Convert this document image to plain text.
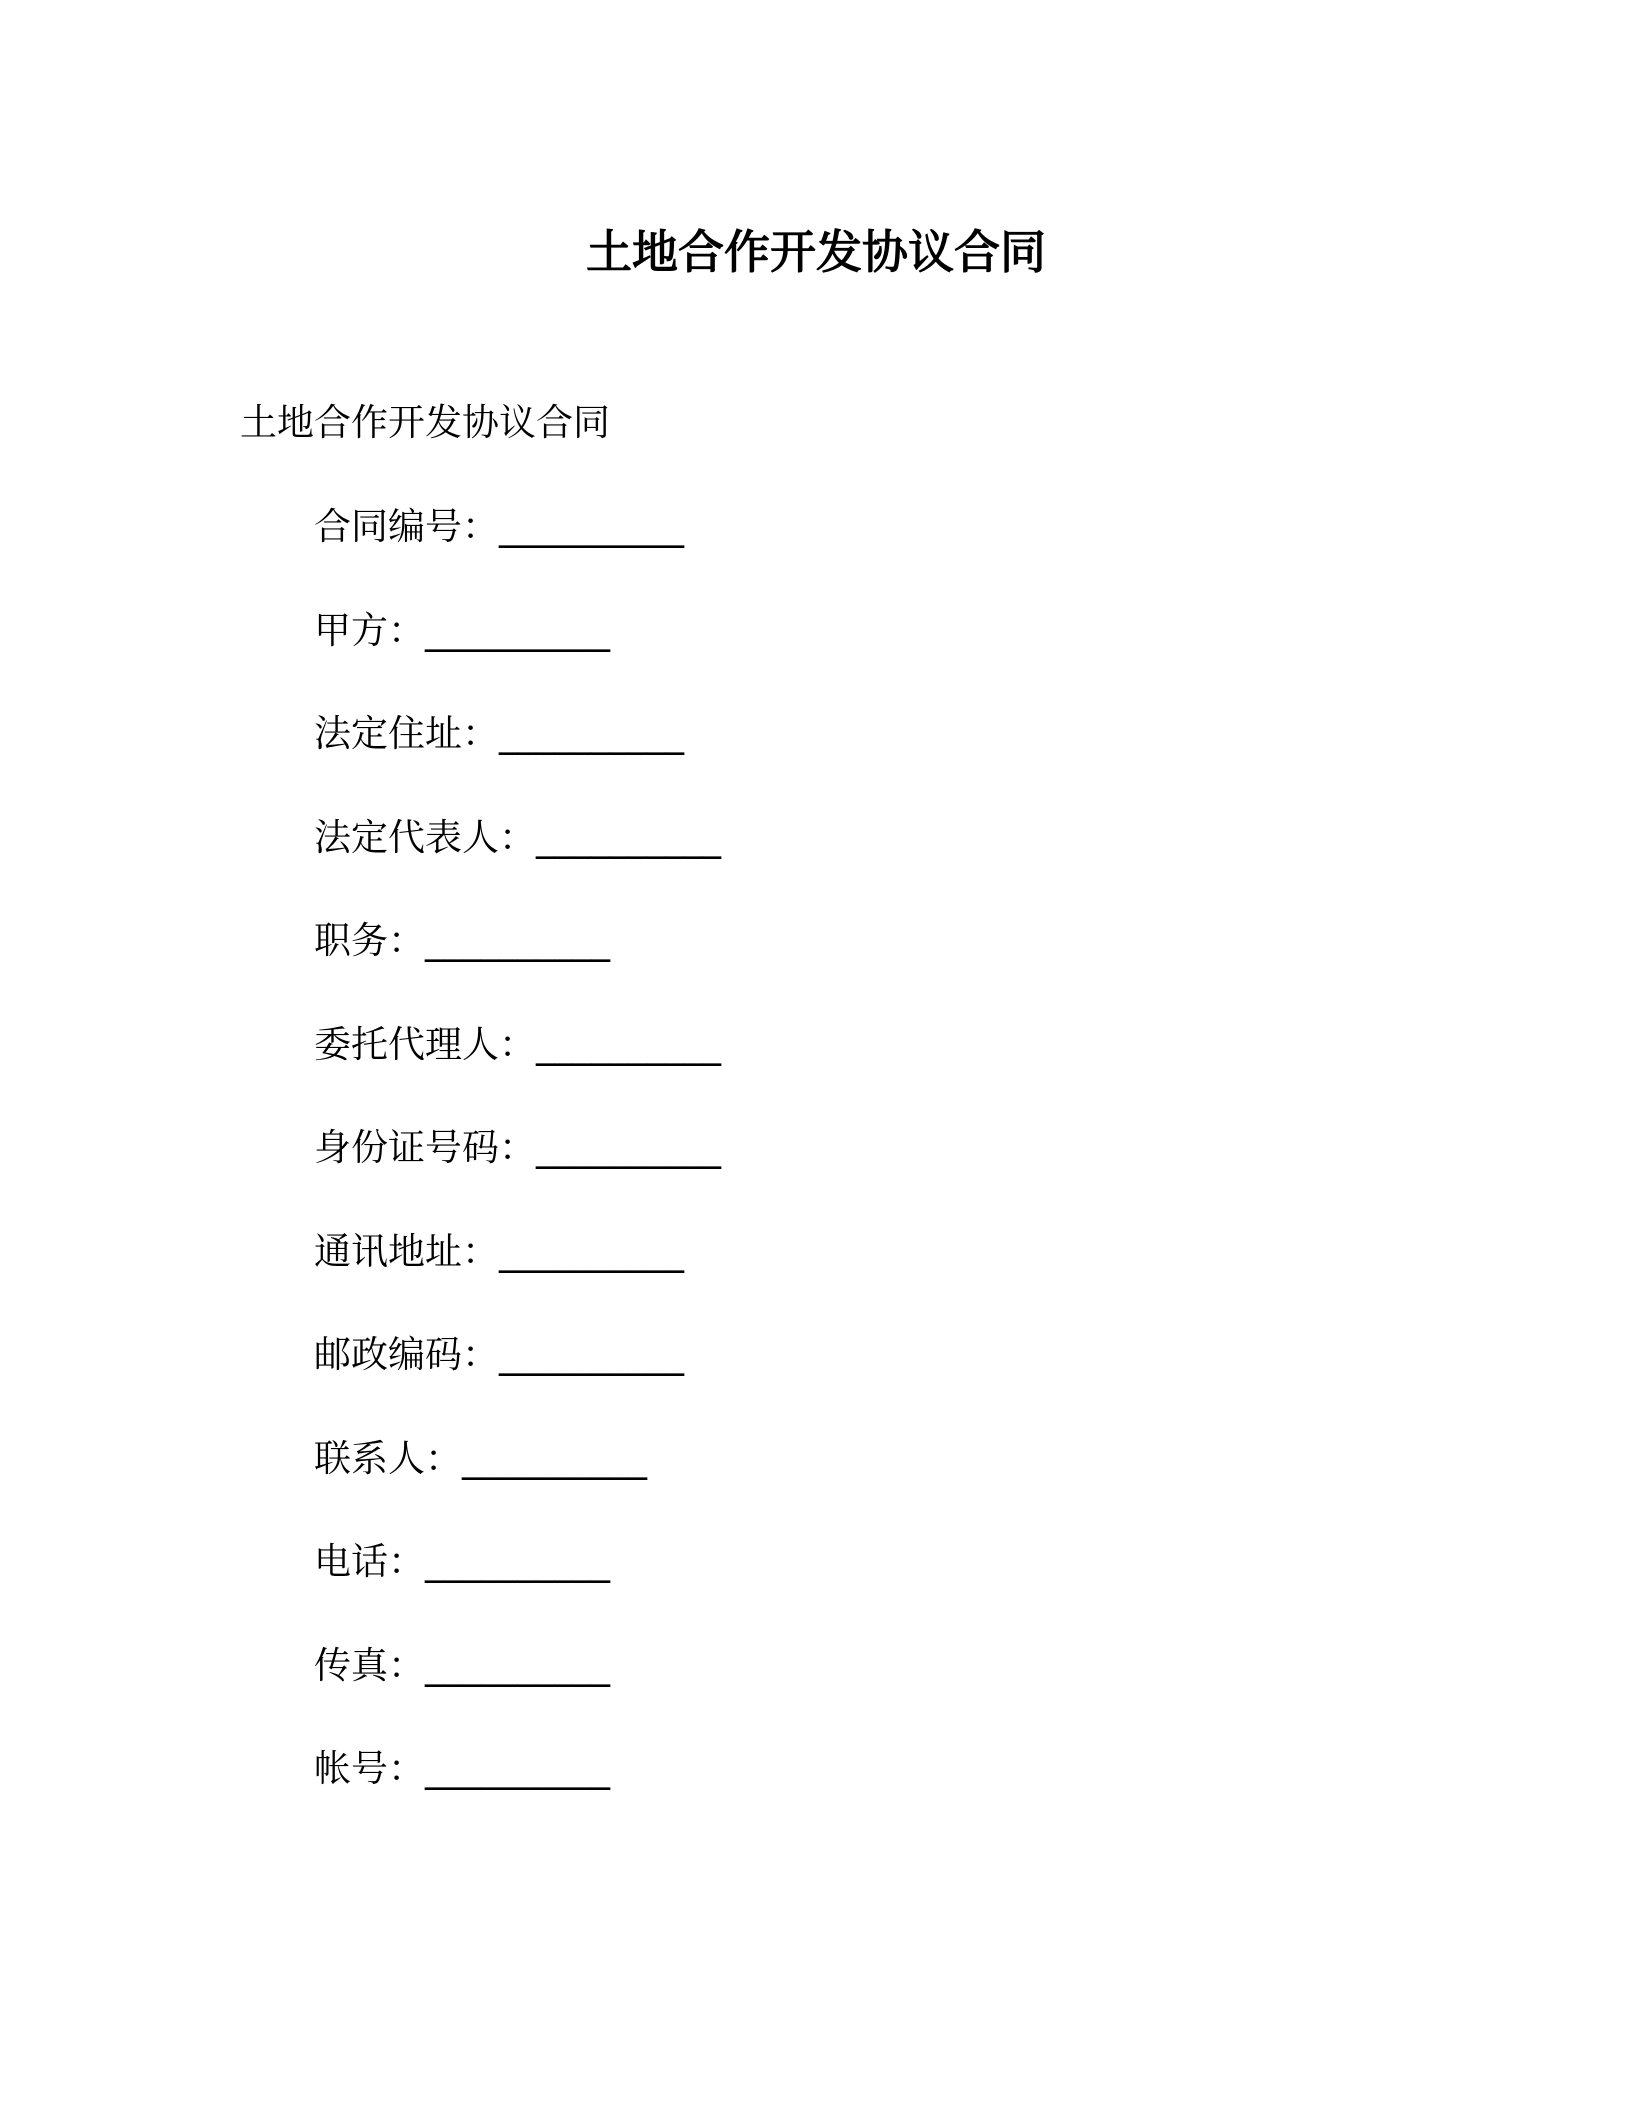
土地合作开发协议合同
土地合作开发协议合同
合同编号：__________
甲方：__________
法定住址：__________
法定代表人：__________
职务：__________
委托代理人：__________
身份证号码：__________
通讯地址：__________
邮政编码：__________
联系人：__________
电话：__________
传真：__________
帐号：__________
